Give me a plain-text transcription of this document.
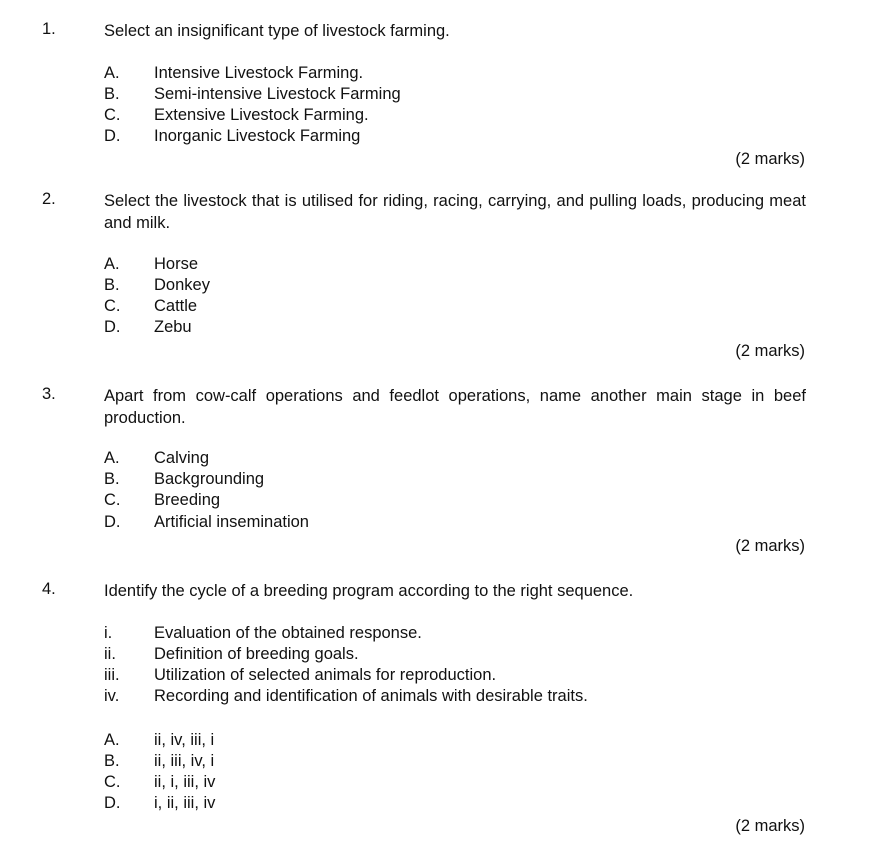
1.	Select an insignificant type of livestock farming.
A. Intensive Livestock Farming.
B. Semi-intensive Livestock Farming
C. Extensive Livestock Farming.
D. Inorganic Livestock Farming
(2 marks)
2.	Select the livestock that is utilised for riding, racing, carrying, and pulling loads, producing meat and milk.
A. Horse
B. Donkey
C. Cattle
D. Zebu
(2 marks)
3.	Apart from cow-calf operations and feedlot operations, name another main stage in beef production.
A. Calving
B. Backgrounding
C. Breeding
D. Artificial insemination
(2 marks)
4.	Identify the cycle of a breeding program according to the right sequence.
i.	Evaluation of the obtained response.
ii. Definition of breeding goals.
iii. Utilization of selected animals for reproduction.
iv. Recording and identification of animals with desirable traits.
A. ii, iv, iii, i
B. ii, iii, iv, i
C. ii, i, iii, iv
D. i, ii, iii, iv
(2 marks)
